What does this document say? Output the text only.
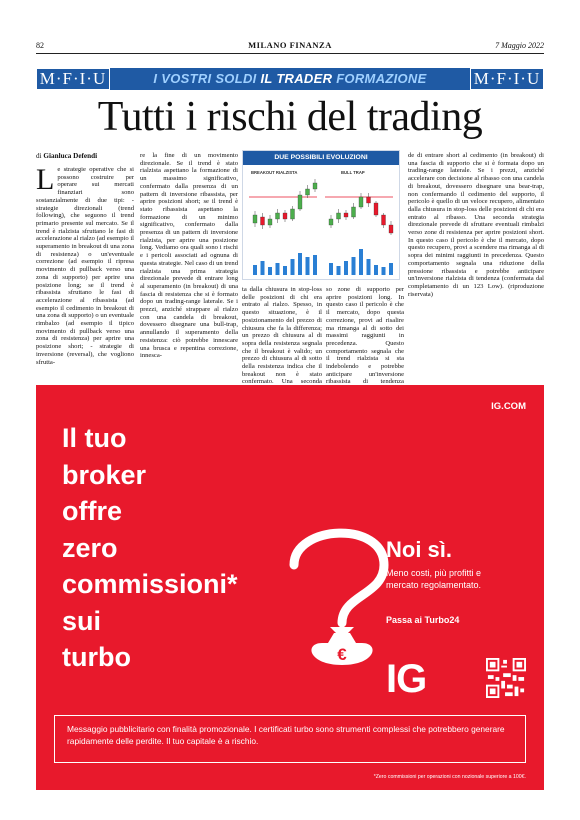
82	MILANO FINANZA	7 Maggio 2022
M·F·I·U	I VOSTRI SOLDI IL TRADER FORMAZIONE	M·F·I·U
Tutti i rischi del trading
di Gianluca Defendi
Le strategie operative che si possono costruire per operare sui mercati finanziari sono sostanzialmente di due tipi: - strategie direzionali (trend following), che seguono il trend primario presente sul mercato. Se il trend è rialzista sfruttano le fasi di accelerazione al rialzo (ad esempio il superamento in breakout di una zona di resistenza) o un'eventuale correzione (ad esempio il ripresa movimento di pullback verso una zona di supporto) per aprire una posizione long; se il trend è ribassista sfruttano le fasi di accelerazione al ribassista (ad esempio il cedimento in breakout di una zona di supporto) o un eventuale rimbalzo (ad esempio il tipico movimento di pullback verso una zona di resistenza) per aprire una posizione short; - strategie di inversione (reversal), che vogliono sfrutta-
re la fine di un movimento direzionale. Se il trend è stato rialzista aspettano la formazione di un massimo significativo, confermato dalla presenza di un pattern di inversione ribassista, per aprire posizioni short; se il trend è stato ribassista aspettano la formazione di un minimo significativo, confermato dalla presenza di un pattern di inversione rialzista, per aprire una posizione long. Vediamo ora quali sono i rischi e i pericoli associati ad ognuna di questa strategie. Nel caso di un trend rialzista una prima strategia direzionale prevede di entrare long al superamento (in breakout) di una fascia di resistenza che si è formato dopo un trading-range laterale. Se i prezzi, anziché strappare al rialzo con una candela di breakout, dovessero disegnare una bull-trap, annullando il superamento della resistenza: ciò potrebbe innescare una brusca e repentina correzione, innesca-
DUE POSSIBILI EVOLUZIONI
BREAKOUT RIALZISTA	BULL TRAP
ta dalla chiusura in stop-loss delle posizioni di chi era entrato al rialzo. Spesso, in questo situazione, è il posizionamento del prezzo di chiusura che fa la differenza; un prezzo di chiusura al di sopra della resistenza segnala che il breakout è valido; un prezzo di chiusura al di sotto della resistenza indica che il breakout non è stato confermato. Una seconda
so zone di supporto per aprire posizioni long. In questo caso il pericolo è che il mercato, dopo questa correzione, provi ad risalire ma rimanga al di sotto dei massimi raggiunti in precedenza. Questo comportamento segnala che il trend rialzista si sta indebolendo e potrebbe anticipare un'inversione ribassista di tendenza
de di entrare short al cedimento (in breakout) di una fascia di supporto che si è formata dopo un trading-range laterale. Se i prezzi, anziché accelerare con decisione al ribasso con una candela di breakout, dovessero disegnare una bear-trap, non confermando il cedimento del supporto, il pericolo è quello di un veloce recupero, alimentato dalla chiusura in stop-loss delle posizioni di chi era entrato al ribasso. Una seconda strategia direzionale prevede di sfruttare eventuali rimbalzi verso zone di resistenza per aprire posizioni short. In questo caso il pericolo è che il mercato, dopo questo recupero, provi a scendere ma rimanga al di sopra dei minimi raggiunti in precedenza. Questo comportamento segnala una riduzione della pressione ribassista e potrebbe anticipare un'inversione rialzista di tendenza (confermata dal completamento di un 123 Low). (riproduzione riservata)
IG.COM
Il tuo
broker
offre
zero
commissioni*
sui
turbo	€
Noi sì.
Meno costi, più profitti e mercato regolamentato.
Passa ai Turbo24
IG
Messaggio pubblicitario con finalità promozionale. I certificati turbo sono strumenti complessi che potrebbero generare rapidamente delle perdite. Il tuo capitale è a rischio.
*Zero commissioni per operazioni con nozionale superiore a 100€.
